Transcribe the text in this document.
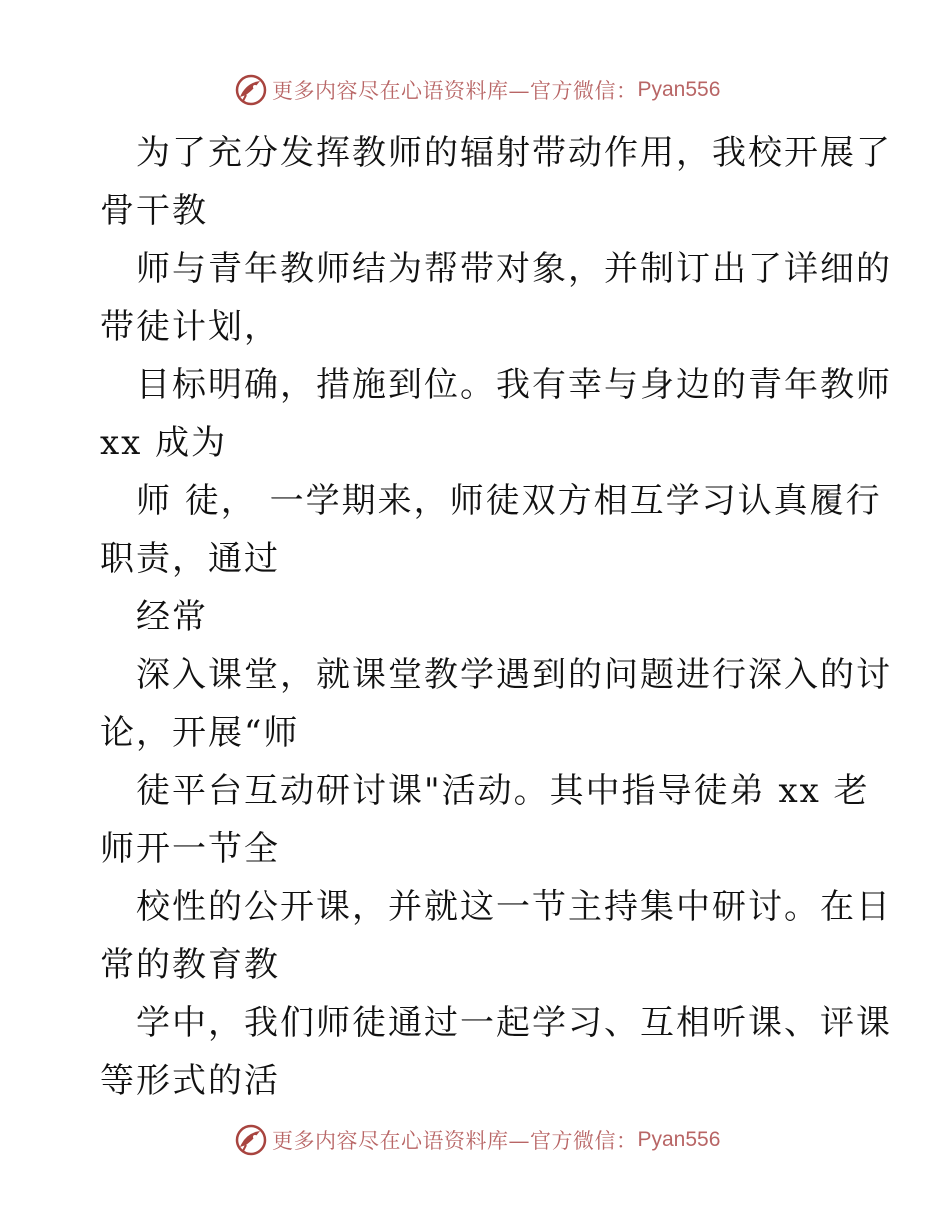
更多内容尽在心语资料库—官方微信： Pyan556
为了充分发挥教师的辐射带动作用，我校开展了
骨干教
师与青年教师结为帮带对象，并制订出了详细的
带徒计划，
目标明确，措施到位。我有幸与身边的青年教师
xx 成为
师 徒， 一学期来，师徒双方相互学习认真履行
职责，通过
经常
深入课堂，就课堂教学遇到的问题进行深入的讨
论，开展“师
徒平台互动研讨课"活动。其中指导徒弟 xx 老
师开一节全
校性的公开课，并就这一节主持集中研讨。在日
常的教育教
学中，我们师徒通过一起学习、互相听课、评课
等形式的活
更多内容尽在心语资料库—官方微信： Pyan556
